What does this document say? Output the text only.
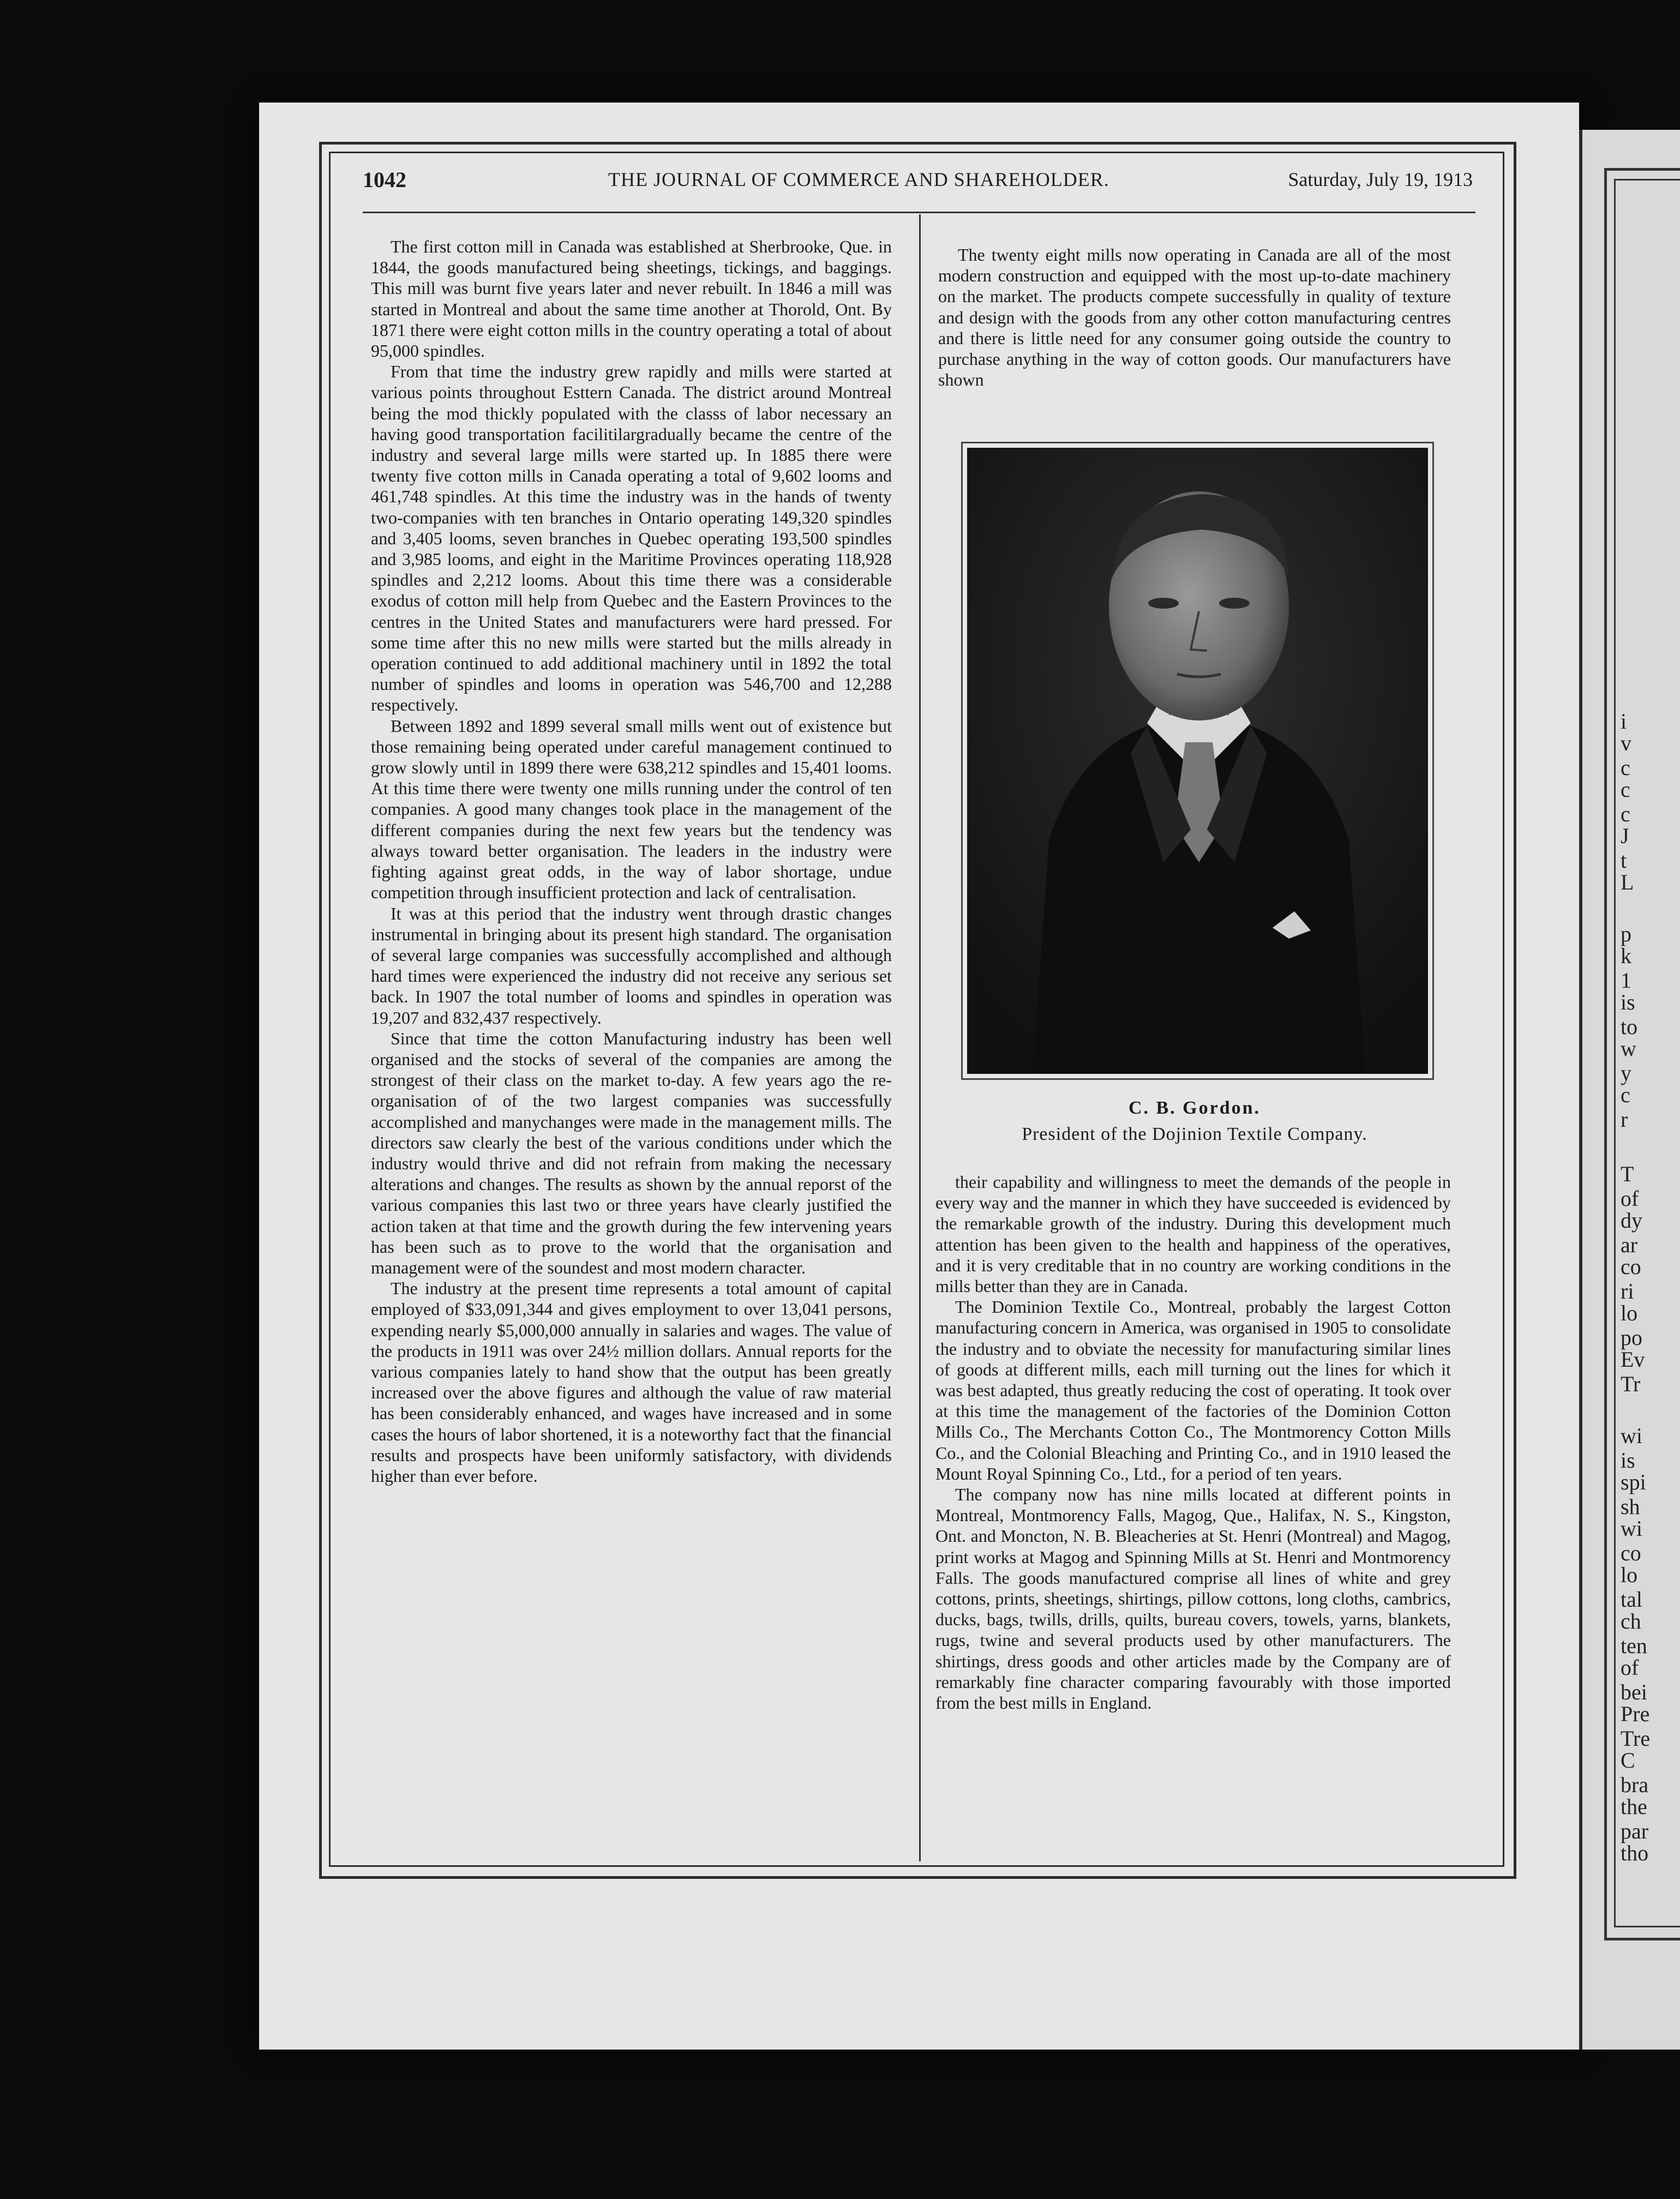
1042	THE JOURNAL OF COMMERCE AND SHAREHOLDER.	Saturday, July 19, 1913

The first cotton mill in Canada was established at Sherbrooke, Que. in 1844, the goods manufactured being sheetings, tickings, and baggings. This mill was burnt five years later and never rebuilt. In 1846 a mill was started in Montreal and about the same time another at Thorold, Ont. By 1871 there were eight cotton mills in the country operating a total of about 95,000 spindles.

From that time the industry grew rapidly and mills were started at various points throughout Esttern Canada. The district around Montreal being the mod thickly populated with the classs of labor necessary an having good transportation facilitilargradually became the centre of the industry and several large mills were started up. In 1885 there were twenty five cotton mills in Canada operating a total of 9,602 looms and 461,748 spindles. At this time the industry was in the hands of twenty two-companies with ten branches in Ontario operating 149,320 spindles and 3,405 looms, seven branches in Quebec operating 193,500 spindles and 3,985 looms, and eight in the Maritime Provinces operating 118,928 spindles and 2,212 looms. About this time there was a considerable exodus of cotton mill help from Quebec and the Eastern Provinces to the centres in the United States and manufacturers were hard pressed. For some time after this no new mills were started but the mills already in operation continued to add additional machinery until in 1892 the total number of spindles and looms in operation was 546,700 and 12,288 respectively.

Between 1892 and 1899 several small mills went out of existence but those remaining being operated under careful management continued to grow slowly until in 1899 there were 638,212 spindles and 15,401 looms. At this time there were twenty one mills running under the control of ten companies. A good many changes took place in the management of the different companies during the next few years but the tendency was always toward better organisation. The leaders in the industry were fighting against great odds, in the way of labor shortage, undue competition through insufficient protection and lack of centralisation.

It was at this period that the industry went through drastic changes instrumental in bringing about its present high standard. The organisation of several large companies was successfully accomplished and although hard times were experienced the industry did not receive any serious set back. In 1907 the total number of looms and spindles in operation was 19,207 and 832,437 respectively.

Since that time the cotton Manufacturing industry has been well organised and the stocks of several of the companies are among the strongest of their class on the market to-day. A few years ago the re-organisation of of the two largest companies was successfully accomplished and manychanges were made in the management mills. The directors saw clearly the best of the various conditions under which the industry would thrive and did not refrain from making the necessary alterations and changes. The results as shown by the annual reporst of the various companies this last two or three years have clearly justified the action taken at that time and the growth during the few intervening years has been such as to prove to the world that the organisation and management were of the soundest and most modern character.

The industry at the present time represents a total amount of capital employed of $33,091,344 and gives employment to over 13,041 persons, expending nearly $5,000,000 annually in salaries and wages. The value of the products in 1911 was over 24½ million dollars. Annual reports for the various companies lately to hand show that the output has been greatly increased over the above figures and although the value of raw material has been considerably enhanced, and wages have increased and in some cases the hours of labor shortened, it is a noteworthy fact that the financial results and prospects have been uniformly satisfactory, with dividends higher than ever before.

The twenty eight mills now operating in Canada are all of the most modern construction and equipped with the most up-to-date machinery on the market. The products compete successfully in quality of texture and design with the goods from any other cotton manufacturing centres and there is little need for any consumer going outside the country to purchase anything in the way of cotton goods. Our manufacturers have shown

C. B. Gordon.
President of the Dojinion Textile Company.

their capability and willingness to meet the demands of the people in every way and the manner in which they have succeeded is evidenced by the remarkable growth of the industry. During this development much attention has been given to the health and happiness of the operatives, and it is very creditable that in no country are working conditions in the mills better than they are in Canada.

The Dominion Textile Co., Montreal, probably the largest Cotton manufacturing concern in America, was organised in 1905 to consolidate the industry and to obviate the necessity for manufacturing similar lines of goods at different mills, each mill turning out the lines for which it was best adapted, thus greatly reducing the cost of operating. It took over at this time the management of the factories of the Dominion Cotton Mills Co., The Merchants Cotton Co., The Montmorency Cotton Mills Co., and the Colonial Bleaching and Printing Co., and in 1910 leased the Mount Royal Spinning Co., Ltd., for a period of ten years.

The company now has nine mills located at different points in Montreal, Montmorency Falls, Magog, Que., Halifax, N. S., Kingston, Ont. and Moncton, N. B. Bleacheries at St. Henri (Montreal) and Magog, print works at Magog and Spinning Mills at St. Henri and Montmorency Falls. The goods manufactured comprise all lines of white and grey cottons, prints, sheetings, shirtings, pillow cottons, long cloths, cambrics, ducks, bags, twills, drills, quilts, bureau covers, towels, yarns, blankets, rugs, twine and several products used by other manufacturers. The shirtings, dress goods and other articles made by the Company are of remarkably fine character comparing favourably with those imported from the best mills in England.

i
v
c
c
c
J
t
L
p
k
1
is
to
w
y
c
r
T
of
dy
ar
co
ri
lo
po
Ev
Tr
wi
is
spi
sh
wi
co
lo
tal
ch
ten
of
bei
Pre
Tre
C
bra
the
par
tho
